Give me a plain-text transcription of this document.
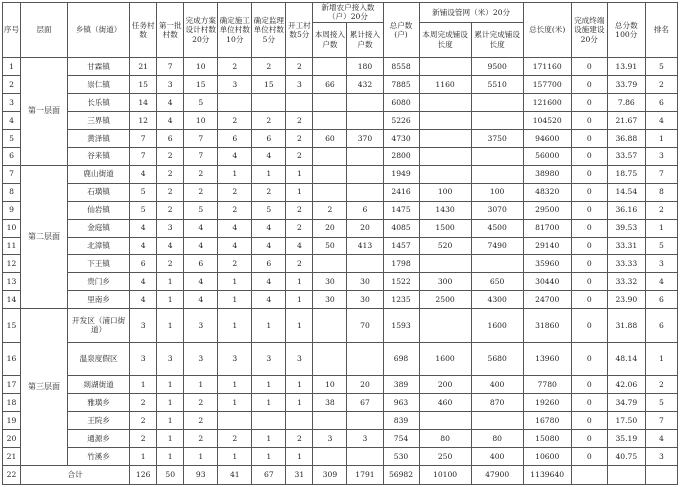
序号	层面	乡镇（街道）	任务村数	第一批村数	完成方案设计村数20分	确定施工单位村数10分	确定监理单位村数5分	开工村数5分	新增农户接入数（户）20分		总户数(户)	新铺设管网（米）20分		总长度(米)	完成终端设施建设20分	总分数100分	排名
									本周接入户数	累计接入户数		本周完成铺设长度	累计完成铺设长度				
1	第一层面	甘霖镇	21	7	10	2	2	2		180	8558		9500	171160	0	13.91	5
2		崇仁镇	15	3	15	3	15	3	66	432	7885	1160	5510	157700	0	33.79	2
3		长乐镇	14	4	5						6080			121600	0	7.86	6
4		三界镇	12	4	10	2	2	2			5226			104520	0	21.67	4
5		黄泽镇	7	6	7	6	6	2	60	370	4730		3750	94600	0	36.88	1
6		谷来镇	7	2	7	4	4	2			2800			56000	0	33.57	3
7	第二层面	鹿山街道	4	2	2	1	1	1			1949			38980	0	18.75	7
8		石璜镇	5	2	2	2	2	1			2416	100	100	48320	0	14.54	8
9		仙岩镇	5	2	5	2	5	2	2	6	1475	1430	3070	29500	0	36.16	2
10		金庭镇	4	3	4	4	4	2	20	20	4085	1500	4500	81700	0	39.53	1
11		北漳镇	4	4	4	4	4	4	50	413	1457	520	7490	29140	0	33.31	5
12		下王镇	6	2	6	2	6	2			1798			35960	0	33.33	3
13		贵门乡	4	1	4	1	4	1	30	30	1522	300	650	30440	0	33.32	4
14		里南乡	4	1	4	1	4	1	30	30	1235	2500	4300	24700	0	23.90	6
15	第三层面	开发区（浦口街道）	3	1	3	1	1	1		70	1593		1600	31860	0	31.88	6
16		温泉度假区	3	3	3	3	3	3			698	1600	5680	13960	0	48.14	1
17		剡湖街道	1	1	1	1	1	1	10	20	389	200	400	7780	0	42.06	2
18		雅璜乡	2	1	2	1	1	1	38	67	963	460	870	19260	0	34.79	5
19		王院乡	2	1	2						839			16780	0	17.50	7
20		通源乡	2	1	2	2	1	2	3	3	754	80	80	15080	0	35.19	4
21		竹溪乡	1	1	1	1	1	1			530	250	400	10600	0	40.75	3
22	合计		126	50	93	41	67	31	309	1791	56982	10100	47900	1139640			
